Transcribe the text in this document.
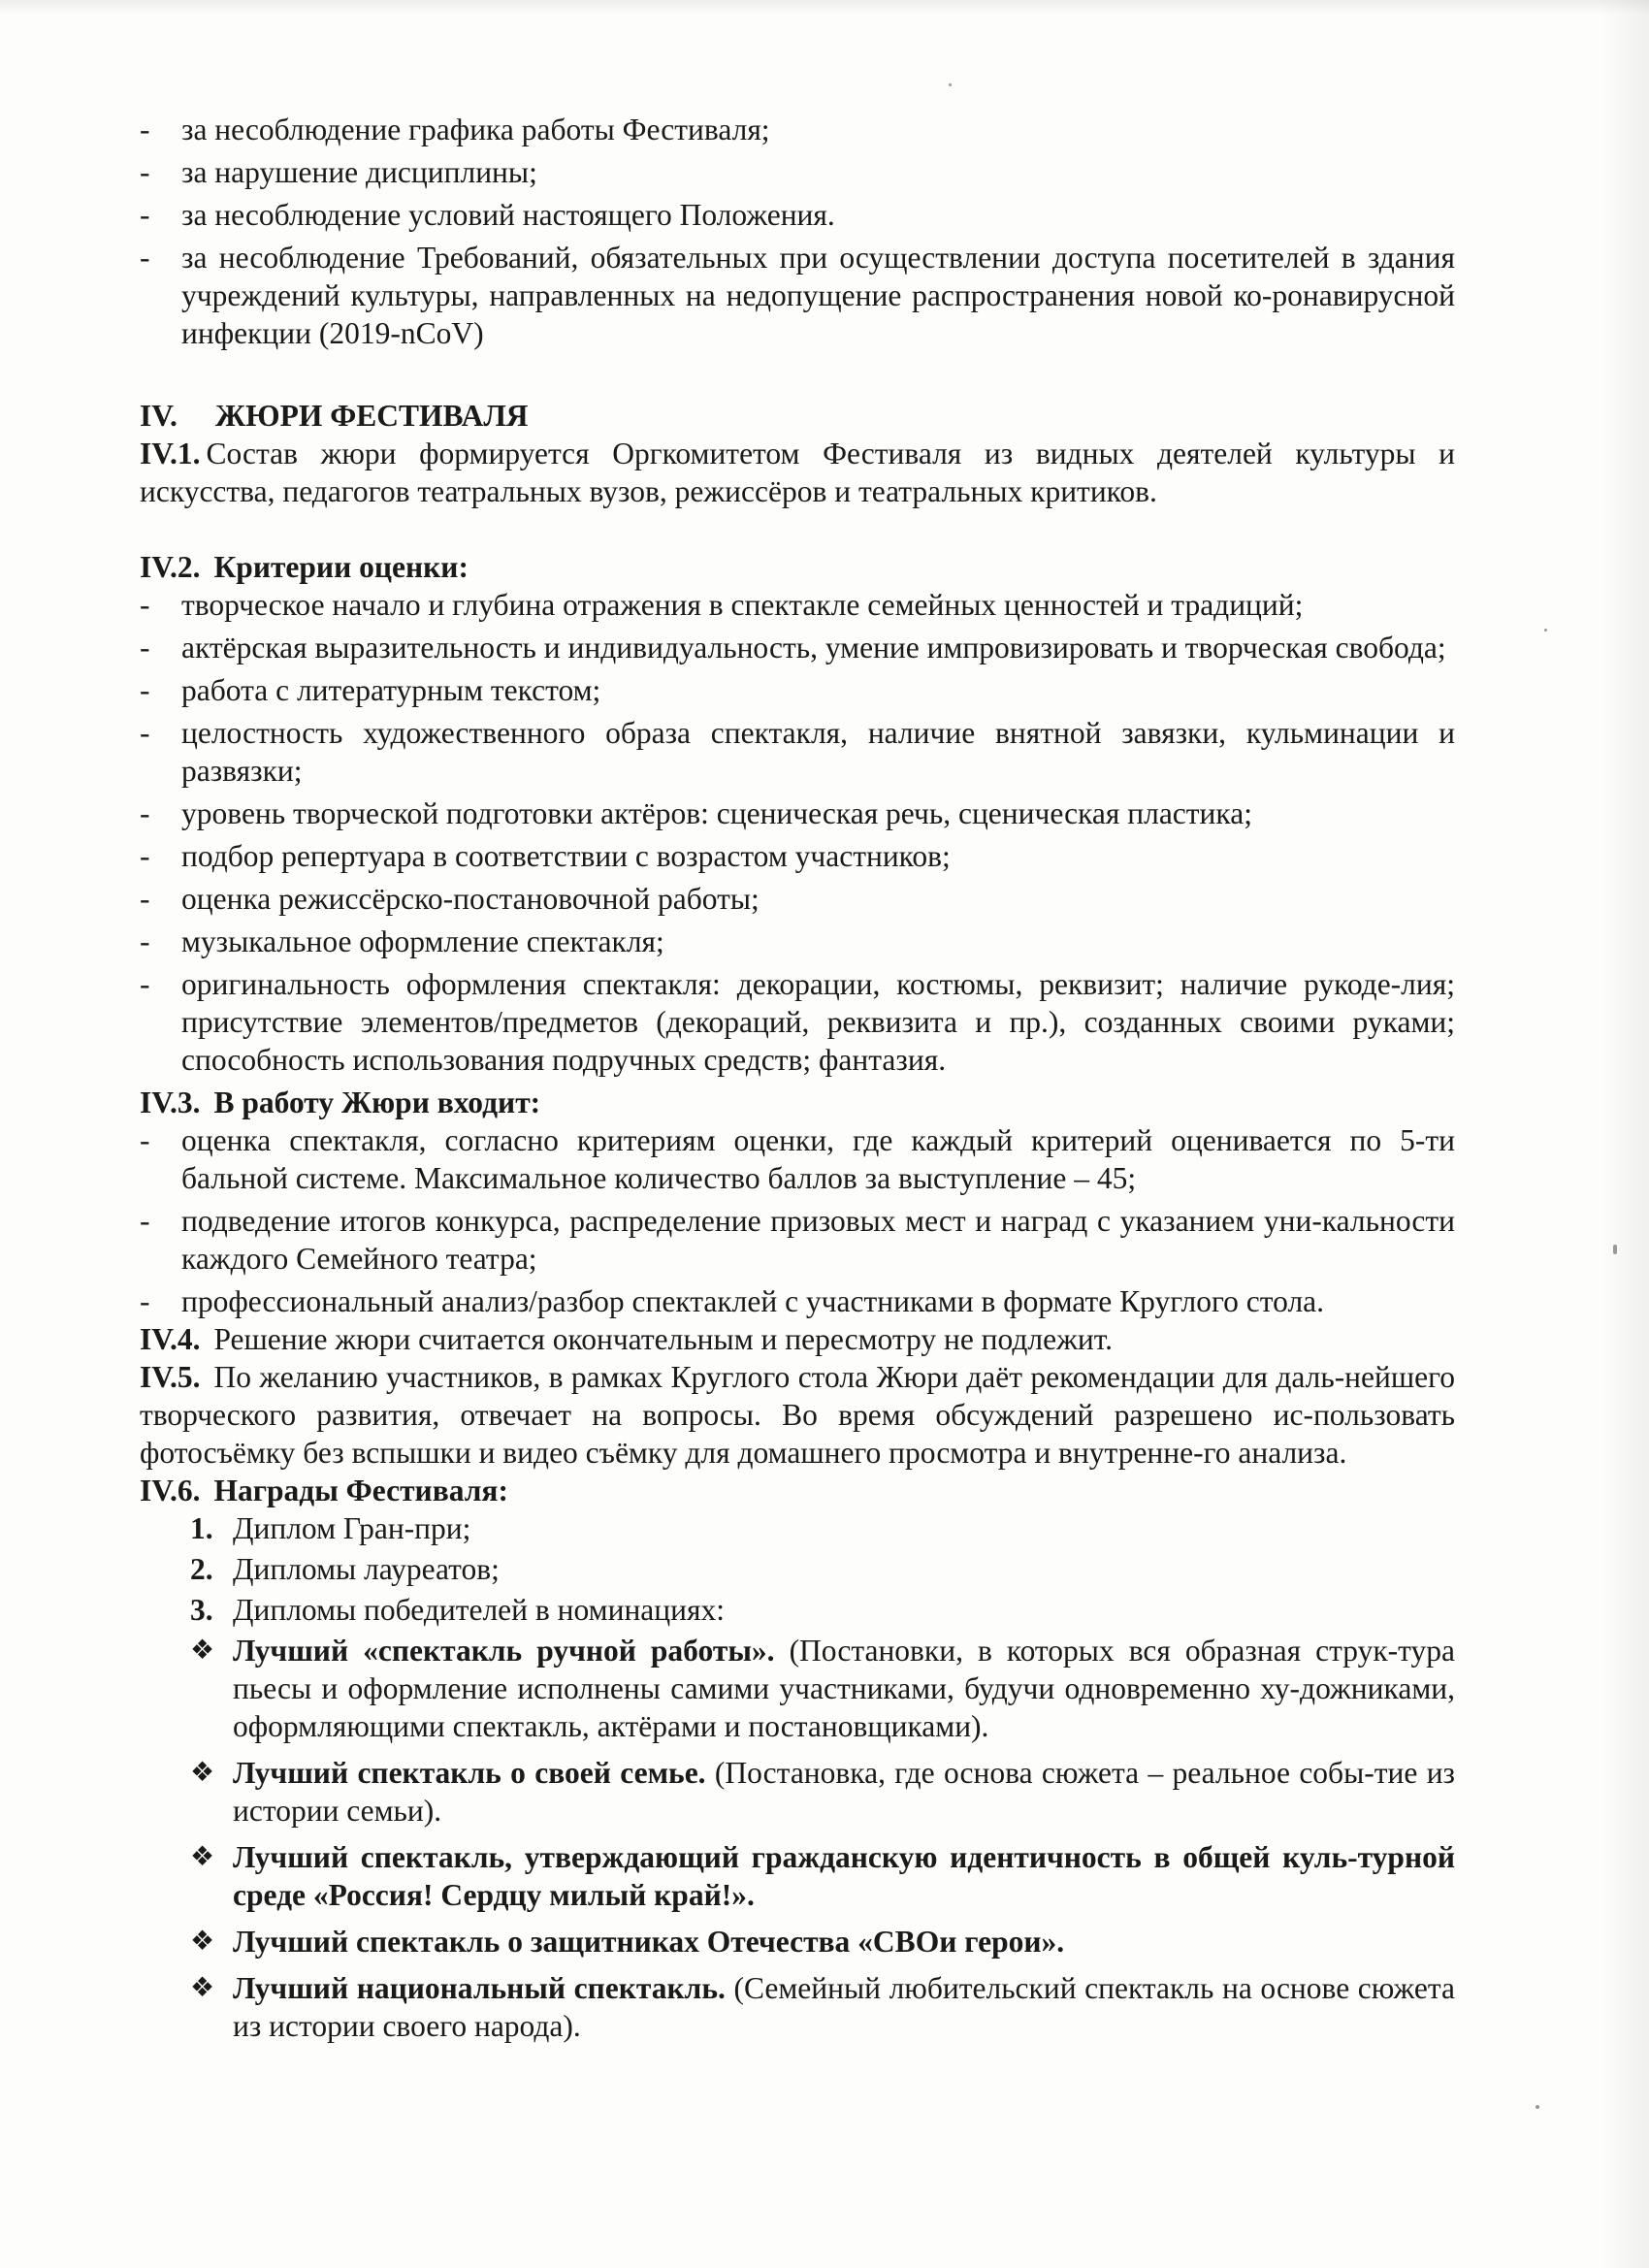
-	за несоблюдение графика работы Фестиваля;
-	за нарушение дисциплины;
-	за несоблюдение условий настоящего Положения.
-	за несоблюдение Требований, обязательных при осуществлении доступа посетителей в здания учреждений культуры, направленных на недопущение распространения новой ко-ронавирусной инфекции (2019-nCoV)
IV. ЖЮРИ ФЕСТИВАЛЯ

IV.1. Состав жюри формируется Оргкомитетом Фестиваля из видных деятелей культуры и искусства, педагогов театральных вузов, режиссёров и театральных критиков.

IV.2. Критерии оценки:

-	творческое начало и глубина отражения в спектакле семейных ценностей и традиций;
-	актёрская выразительность и индивидуальность, умение импровизировать и творческая свобода;
-	работа с литературным текстом;
-	целостность художественного образа спектакля, наличие внятной завязки, кульминации и развязки;
-	уровень творческой подготовки актёров: сценическая речь, сценическая пластика;
-	подбор репертуара в соответствии с возрастом участников;
-	оценка режиссёрско-постановочной работы;
-	музыкальное оформление спектакля;
-	оригинальность оформления спектакля: декорации, костюмы, реквизит; наличие рукоде-лия; присутствие элементов/предметов (декораций, реквизита и пр.), созданных своими руками; способность использования подручных средств; фантазия.

IV.3. В работу Жюри входит:

-	оценка спектакля, согласно критериям оценки, где каждый критерий оценивается по 5-ти бальной системе. Максимальное количество баллов за выступление – 45;
-	подведение итогов конкурса, распределение призовых мест и наград с указанием уни-кальности каждого Семейного театра;
-	профессиональный анализ/разбор спектаклей с участниками в формате Круглого стола.

IV.4. Решение жюри считается окончательным и пересмотру не подлежит.

IV.5. По желанию участников, в рамках Круглого стола Жюри даёт рекомендации для даль-нейшего творческого развития, отвечает на вопросы. Во время обсуждений разрешено ис-пользовать фотосъёмку без вспышки и видео съёмку для домашнего просмотра и внутренне-го анализа.

IV.6. Награды Фестиваля:

1. Диплом Гран-при;
2. Дипломы лауреатов;
3. Дипломы победителей в номинациях:
❖ Лучший «спектакль ручной работы». (Постановки, в которых вся образная струк-тура пьесы и оформление исполнены самими участниками, будучи одновременно ху-дожниками, оформляющими спектакль, актёрами и постановщиками).
❖ Лучший спектакль о своей семье. (Постановка, где основа сюжета – реальное собы-тие из истории семьи).
❖ Лучший спектакль, утверждающий гражданскую идентичность в общей куль-турной среде «Россия! Сердцу милый край!».
❖ Лучший спектакль о защитниках Отечества «СВОи герои».
❖ Лучший национальный спектакль. (Семейный любительский спектакль на основе сюжета из истории своего народа).
